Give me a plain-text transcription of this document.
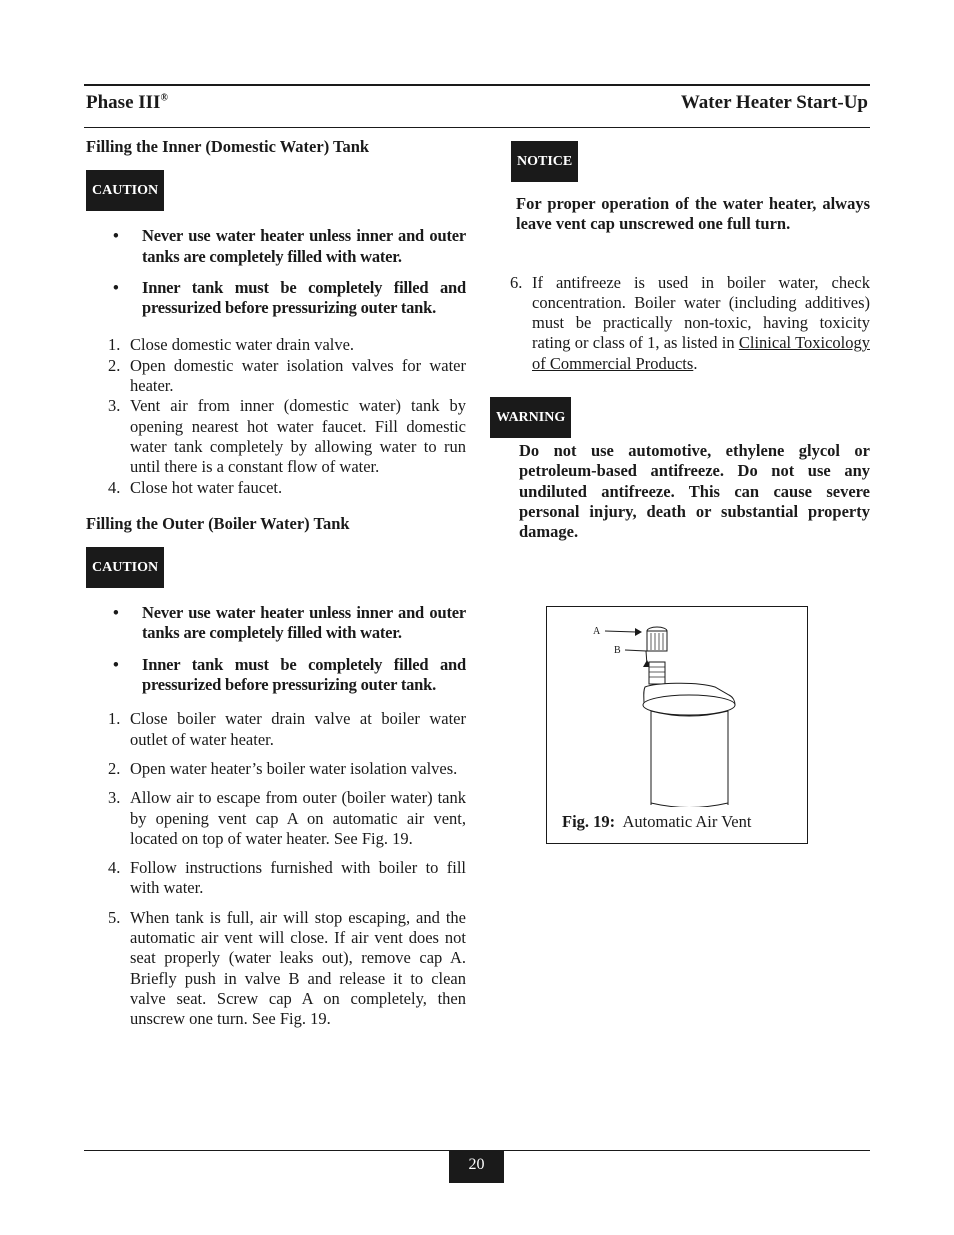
Phase III®	Water Heater Start-Up
Filling the Inner (Domestic Water) Tank
CAUTION
• Never use water heater unless inner and outer tanks are completely filled with water.
• Inner tank must be completely filled and pressurized before pressurizing outer tank.
1. Close domestic water drain valve.
2. Open domestic water isolation valves for water heater.
3. Vent air from inner (domestic water) tank by opening nearest hot water faucet. Fill domestic water tank completely by allowing water to run until there is a constant flow of water.
4. Close hot water faucet.
Filling the Outer (Boiler Water) Tank
CAUTION
• Never use water heater unless inner and outer tanks are completely filled with water.
• Inner tank must be completely filled and pressurized before pressurizing outer tank.
1. Close boiler water drain valve at boiler water outlet of water heater.
2. Open water heater’s boiler water isolation valves.
3. Allow air to escape from outer (boiler water) tank by opening vent cap A on automatic air vent, located on top of water heater. See Fig. 19.
4. Follow instructions furnished with boiler to fill with water.
5. When tank is full, air will stop escaping, and the automatic air vent will close. If air vent does not seat properly (water leaks out), remove cap A. Briefly push in valve B and release it to clean valve seat. Screw cap A on completely, then unscrew one turn. See Fig. 19.
NOTICE
For proper operation of the water heater, always leave vent cap unscrewed one full turn.
6. If antifreeze is used in boiler water, check concentration. Boiler water (including additives) must be practically non-toxic, having toxicity rating or class of 1, as listed in Clinical Toxicology of Commercial Products.
WARNING
Do not use automotive, ethylene glycol or petroleum-based antifreeze. Do not use any undiluted antifreeze. This can cause severe personal injury, death or substantial property damage.
A
B
Fig. 19: Automatic Air Vent
20
